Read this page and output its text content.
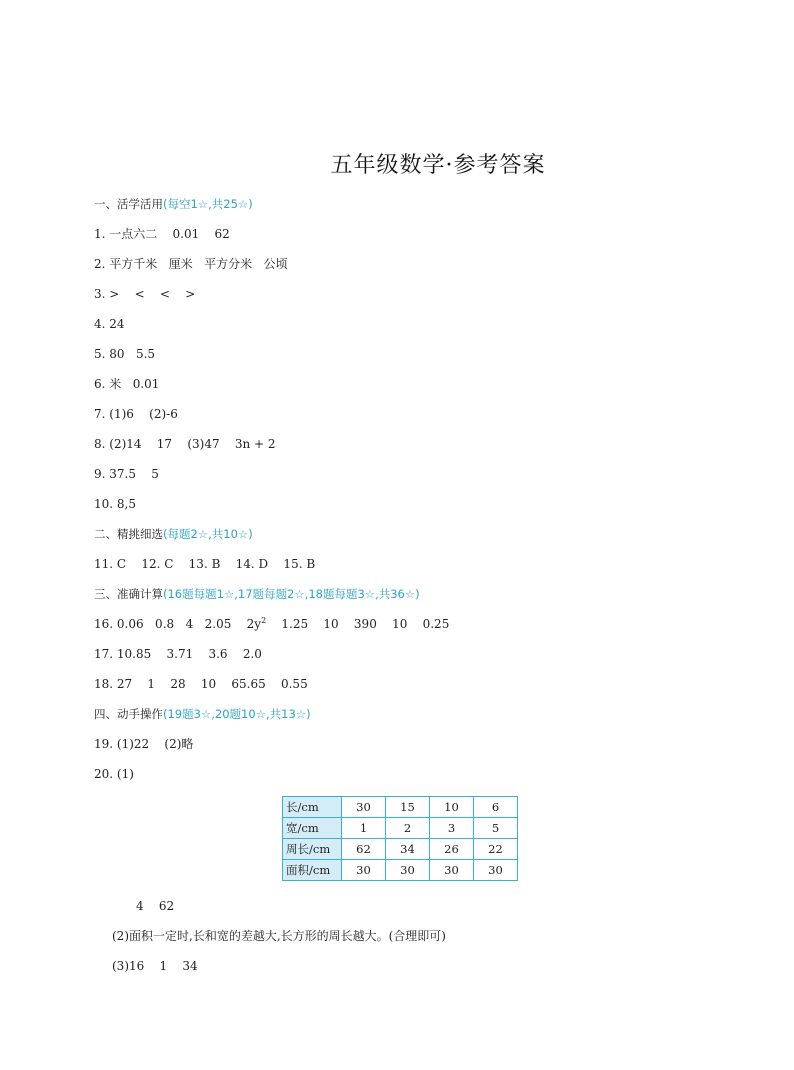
五年级数学·参考答案
一、活学活用(每空1☆,共25☆)
1. 一点六二    0.01    62
2. 平方千米   厘米   平方分米   公顷
3. >    <    <    >
4. 24
5. 80   5.5
6. 米   0.01
7. (1)6    (2)-6
8. (2)14    17    (3)47    3n + 2
9. 37.5    5
10. 8,5
二、精挑细选(每题2☆,共10☆)
11. C    12. C    13. B    14. D    15. B
三、准确计算(16题每题1☆,17题每题2☆,18题每题3☆,共36☆)
16. 0.06   0.8   4   2.05    $2y^2$    1.25    10    390    10    0.25
17. 10.85    3.71    3.6    2.0
18. 27    1    28    10    65.65    0.55
四、动手操作(19题3☆,20题10☆,共13☆)
19. (1)22    (2)略
20. (1)
长/cm	30	15	10	6
宽/cm	1	2	3	5
周长/cm	62	34	26	22
面积/cm	30	30	30	30
4    62
(2)面积一定时,长和宽的差越大,长方形的周长越大。(合理即可)
(3)16    1    34
